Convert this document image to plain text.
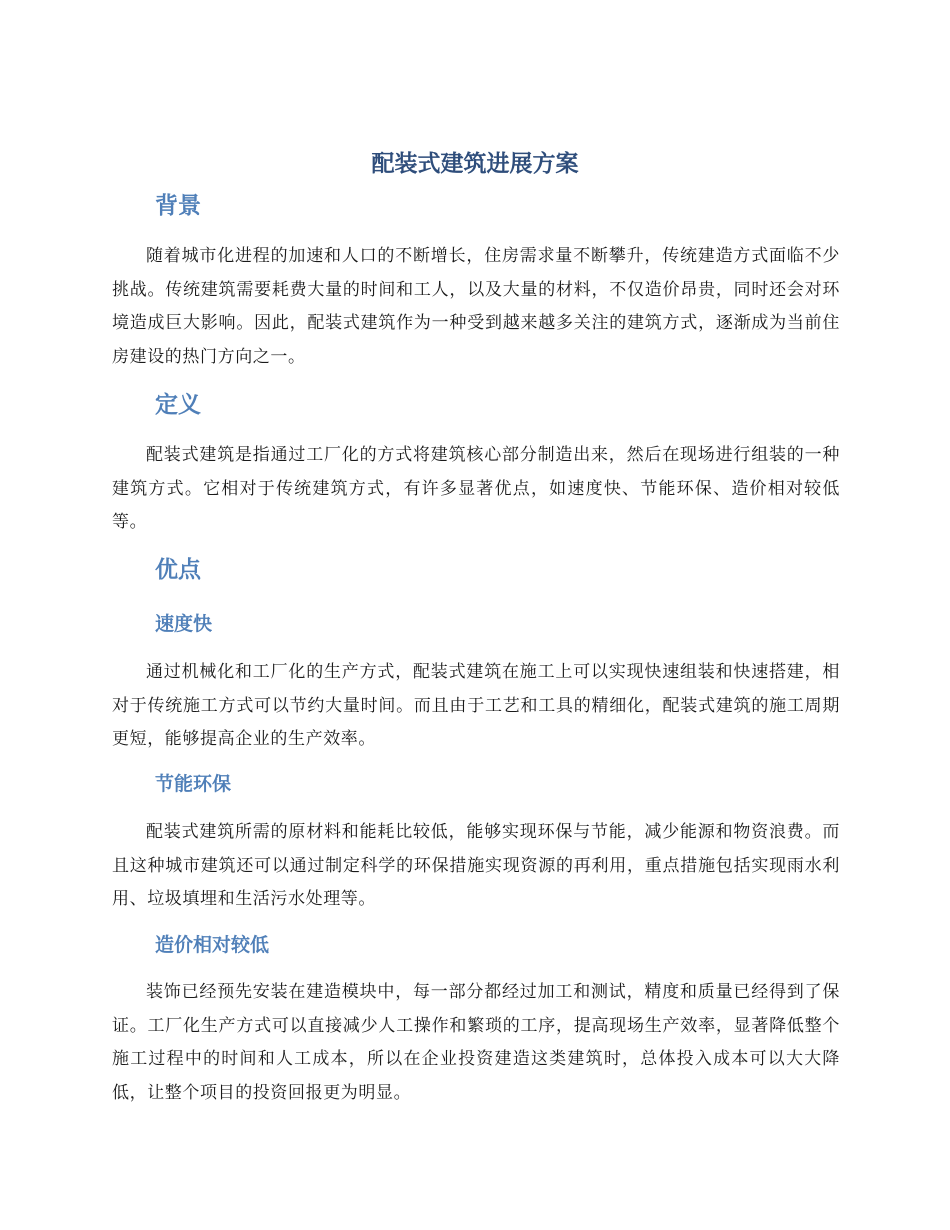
配装式建筑进展方案
背景

随着城市化进程的加速和人口的不断增长，住房需求量不断攀升，传统建造方式面临不少挑战。传统建筑需要耗费大量的时间和工人，以及大量的材料，不仅造价昂贵，同时还会对环境造成巨大影响。因此，配装式建筑作为一种受到越来越多关注的建筑方式，逐渐成为当前住房建设的热门方向之一。

定义

配装式建筑是指通过工厂化的方式将建筑核心部分制造出来，然后在现场进行组装的一种建筑方式。它相对于传统建筑方式，有许多显著优点，如速度快、节能环保、造价相对较低等。

优点
速度快

通过机械化和工厂化的生产方式，配装式建筑在施工上可以实现快速组装和快速搭建，相对于传统施工方式可以节约大量时间。而且由于工艺和工具的精细化，配装式建筑的施工周期更短，能够提高企业的生产效率。

节能环保

配装式建筑所需的原材料和能耗比较低，能够实现环保与节能，减少能源和物资浪费。而且这种城市建筑还可以通过制定科学的环保措施实现资源的再利用，重点措施包括实现雨水利用、垃圾填埋和生活污水处理等。

造价相对较低

装饰已经预先安装在建造模块中，每一部分都经过加工和测试，精度和质量已经得到了保证。工厂化生产方式可以直接减少人工操作和繁琐的工序，提高现场生产效率，显著降低整个施工过程中的时间和人工成本，所以在企业投资建造这类建筑时，总体投入成本可以大大降低，让整个项目的投资回报更为明显。
